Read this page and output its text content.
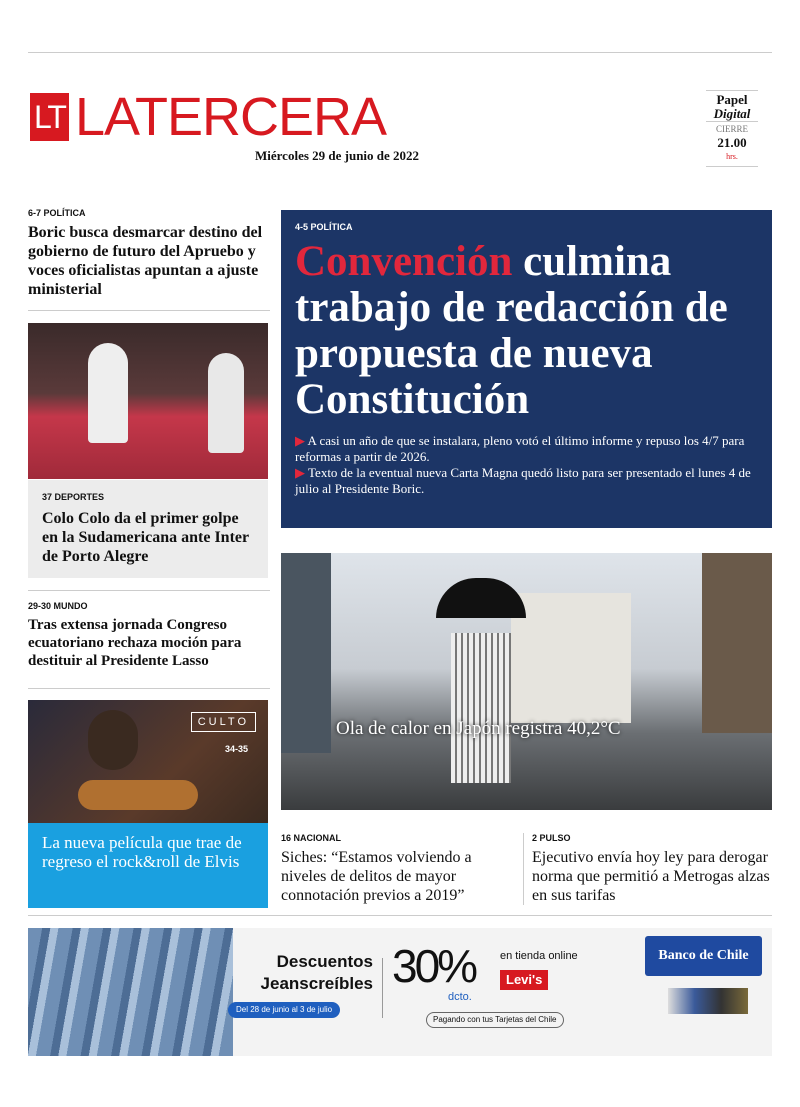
LT LATERCERA
Miércoles 29 de junio de 2022
Papel
Digital
CIERRE
21.00
hrs.
6-7 POLÍTICA
Boric busca desmarcar destino del gobierno de futuro del Apruebo y voces oficialistas apuntan a ajuste ministerial
37 DEPORTES
Colo Colo da el primer golpe en la Sudamericana ante Inter de Porto Alegre
29-30 MUNDO
Tras extensa jornada Congreso ecuatoriano rechaza moción para destituir al Presidente Lasso
CULTO
34-35
La nueva película que trae de regreso el rock&roll de Elvis
4-5 POLÍTICA
Convención culmina trabajo de redacción de propuesta de nueva Constitución
▶ A casi un año de que se instalara, pleno votó el último informe y repuso los 4/7 para reformas a partir de 2026.
▶ Texto de la eventual nueva Carta Magna quedó listo para ser presentado el lunes 4 de julio al Presidente Boric.
Ola de calor en Japón registra 40,2°C
16 NACIONAL
Siches: “Estamos volviendo a niveles de delitos de mayor connotación previos a 2019”
2 PULSO
Ejecutivo envía hoy ley para derogar norma que permitió a Metrogas alzas en sus tarifas
Descuentos
Jeanscreíbles
Del 28 de junio al 3 de julio
30%
dcto.
en tienda online
Levi's
Pagando con tus Tarjetas del Chile
Banco de Chile
